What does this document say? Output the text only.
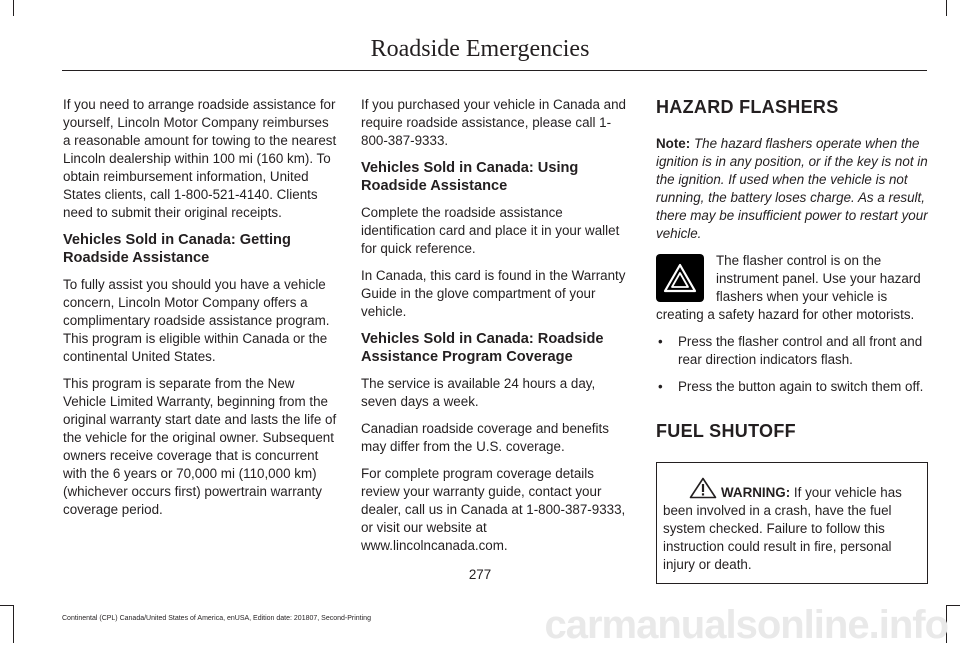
Roadside Emergencies

If you need to arrange roadside assistance for yourself, Lincoln Motor Company reimburses a reasonable amount for towing to the nearest Lincoln dealership within 100 mi (160 km). To obtain reimbursement information, United States clients, call 1-800-521-4140. Clients need to submit their original receipts.

Vehicles Sold in Canada: Getting Roadside Assistance

To fully assist you should you have a vehicle concern, Lincoln Motor Company offers a complimentary roadside assistance program. This program is eligible within Canada or the continental United States.

This program is separate from the New Vehicle Limited Warranty, beginning from the original warranty start date and lasts the life of the vehicle for the original owner. Subsequent owners receive coverage that is concurrent with the 6 years or 70,000 mi (110,000 km) (whichever occurs first) powertrain warranty coverage period.

If you purchased your vehicle in Canada and require roadside assistance, please call 1-800-387-9333.

Vehicles Sold in Canada: Using Roadside Assistance

Complete the roadside assistance identification card and place it in your wallet for quick reference.

In Canada, this card is found in the Warranty Guide in the glove compartment of your vehicle.

Vehicles Sold in Canada: Roadside Assistance Program Coverage

The service is available 24 hours a day, seven days a week.

Canadian roadside coverage and benefits may differ from the U.S. coverage.

For complete program coverage details review your warranty guide, contact your dealer, call us in Canada at 1-800-387-9333, or visit our website at www.lincolncanada.com.

HAZARD FLASHERS

Note: The hazard flashers operate when the ignition is in any position, or if the key is not in the ignition. If used when the vehicle is not running, the battery loses charge. As a result, there may be insufficient power to restart your vehicle.

The flasher control is on the instrument panel. Use your hazard flashers when your vehicle is creating a safety hazard for other motorists.

• Press the flasher control and all front and rear direction indicators flash.
• Press the button again to switch them off.
FUEL SHUTOFF
WARNING: If your vehicle has been involved in a crash, have the fuel system checked. Failure to follow this instruction could result in fire, personal injury or death.
277
Continental (CPL) Canada/United States of America, enUSA, Edition date: 201807, Second-Printing	carmanualsonline.info
